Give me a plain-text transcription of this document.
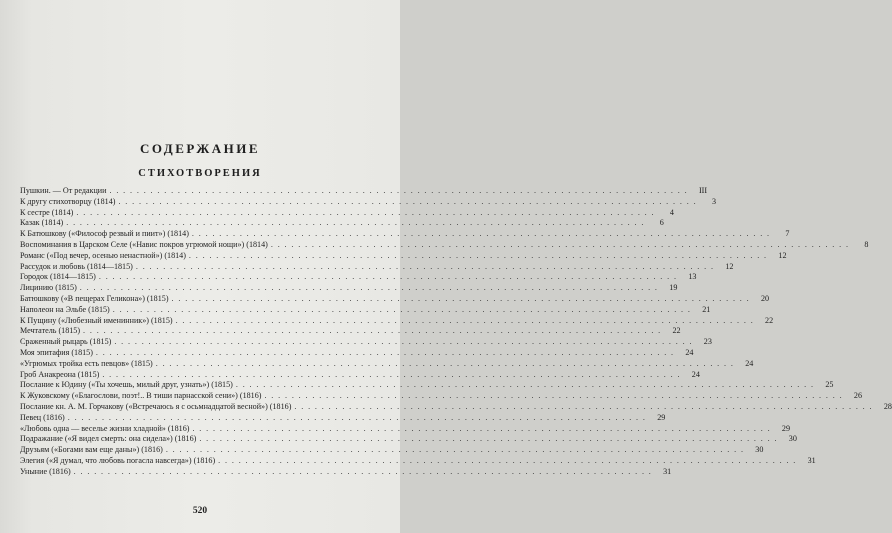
СОДЕРЖАНИЕ
СТИХОТВОРЕНИЯ
Пушкин. — От редакции . . .	III
К другу стихотворцу (1814) . . .	3
К сестре (1814) . . .	4
Казак (1814) . . .	6
К Батюшкову («Философ резвый и пиит») (1814) . . .	7
Воспоминания в Царском Селе («Навис покров угрюмой нощи») (1814) . . .	8
Романс («Под вечер, осенью ненастной») (1814) . . .	12
Рассудок и любовь (1814—1815) . . .	12
Городок (1814—1815) . . .	13
Лицинию (1815) . . .	19
Батюшкову («В пещерах Геликона») (1815) . . .	20
Наполеон на Эльбе (1815) . . .	21
К Пущину («Любезный именинник») (1815) . . .	22
Мечтатель (1815) . . .	22
Сраженный рыцарь (1815) . . .	23
Моя эпитафия (1815) . . .	24
«Угрюмых тройка есть певцов» (1815) . . .	24
Гроб Анакреона (1815) . . .	24
Послание к Юдину («Ты хочешь, милый друг, узнать») (1815) . . .	25
К Жуковскому («Благослови, поэт!.. В тиши парнасской сени») (1816) . . .	26
Послание кн. А. М. Горчакову («Встречаюсь я с осьмнадцатой весной») (1816) . . .	28
Певец (1816) . . .	29
«Любовь одна — веселье жизни хладной» (1816) . . .	29
Подражание («Я видел смерть: она сидела») (1816) . . .	30
Друзьям («Богами вам еще даны») (1816) . . .	30
Элегия («Я думал, что любовь погасла навсегда») (1816) . . .	31
Уныние (1816) . . .	31
520
